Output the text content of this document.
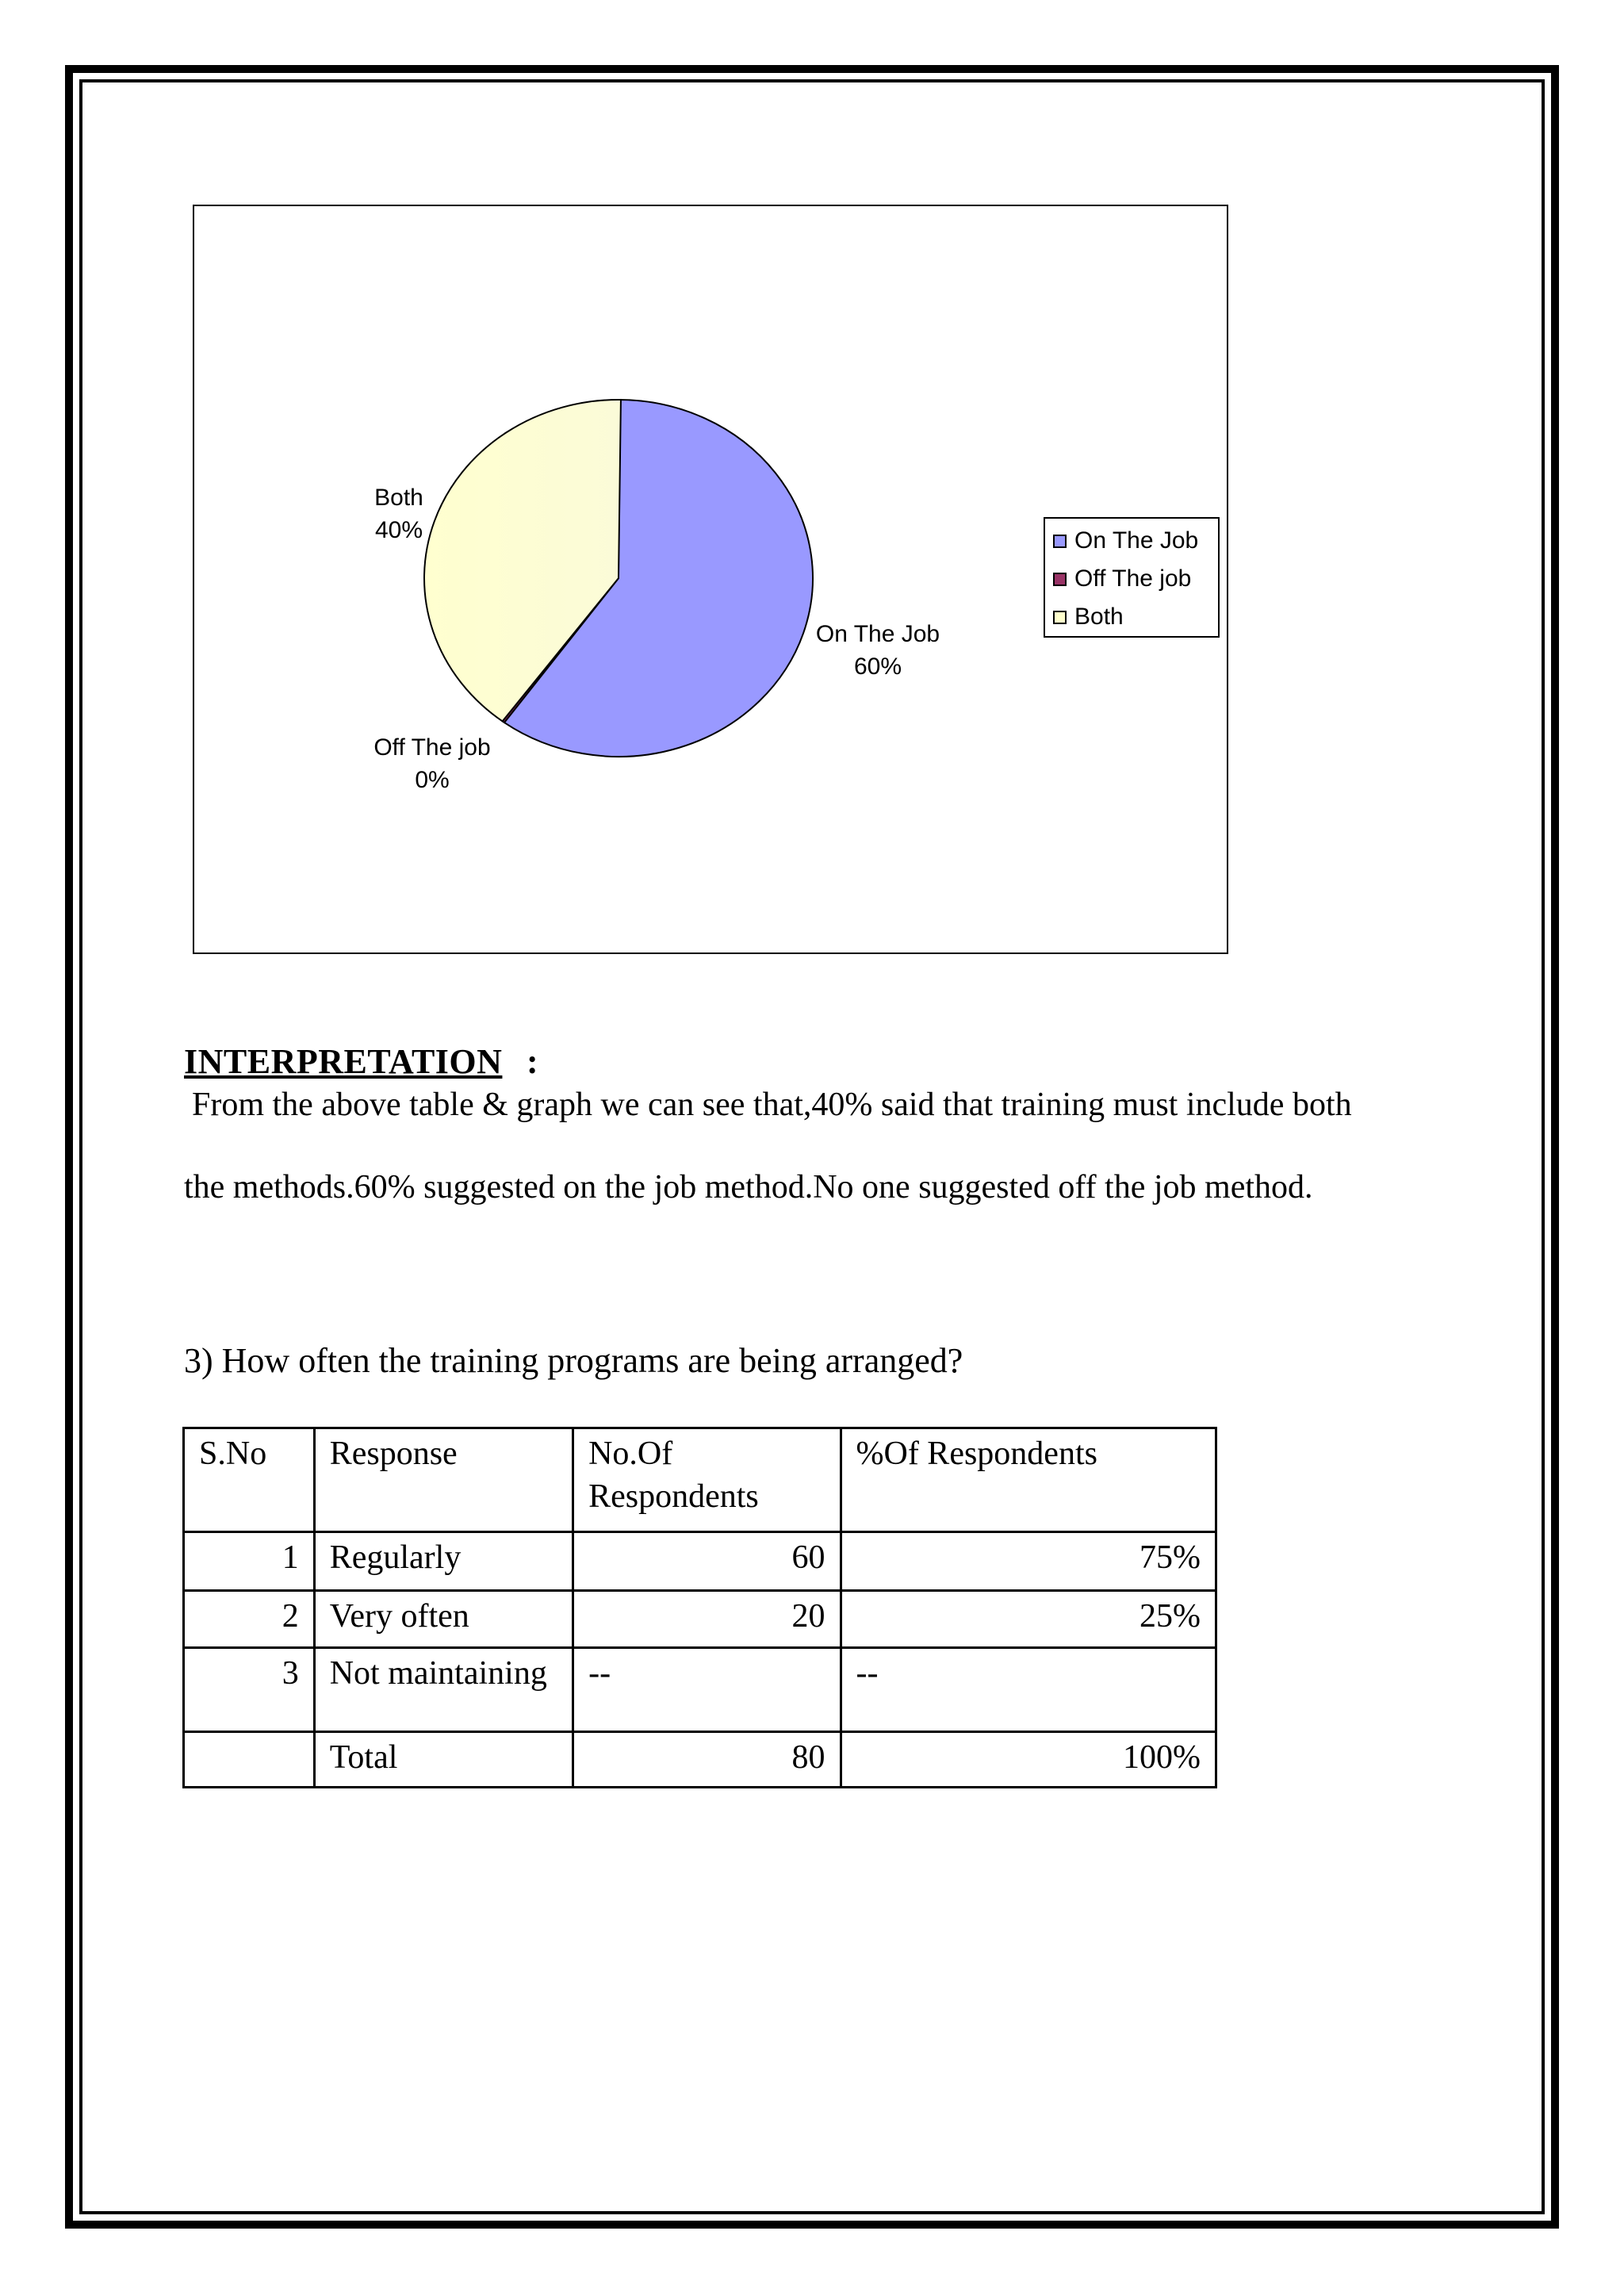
Both
40%
On The Job
60%
Off The job
0%
On The Job
Off The job
Both
INTERPRETATION :
From the above table & graph we can see that,40% said that training must include both
the methods.60% suggested on the job method.No one suggested off the job method.
3) How often the training programs are being arranged?
S.No	Response	No.Of Respondents	%Of Respondents
1	Regularly	60	75%
2	Very often	20	25%
3	Not maintaining	--	--
	Total	80	100%
